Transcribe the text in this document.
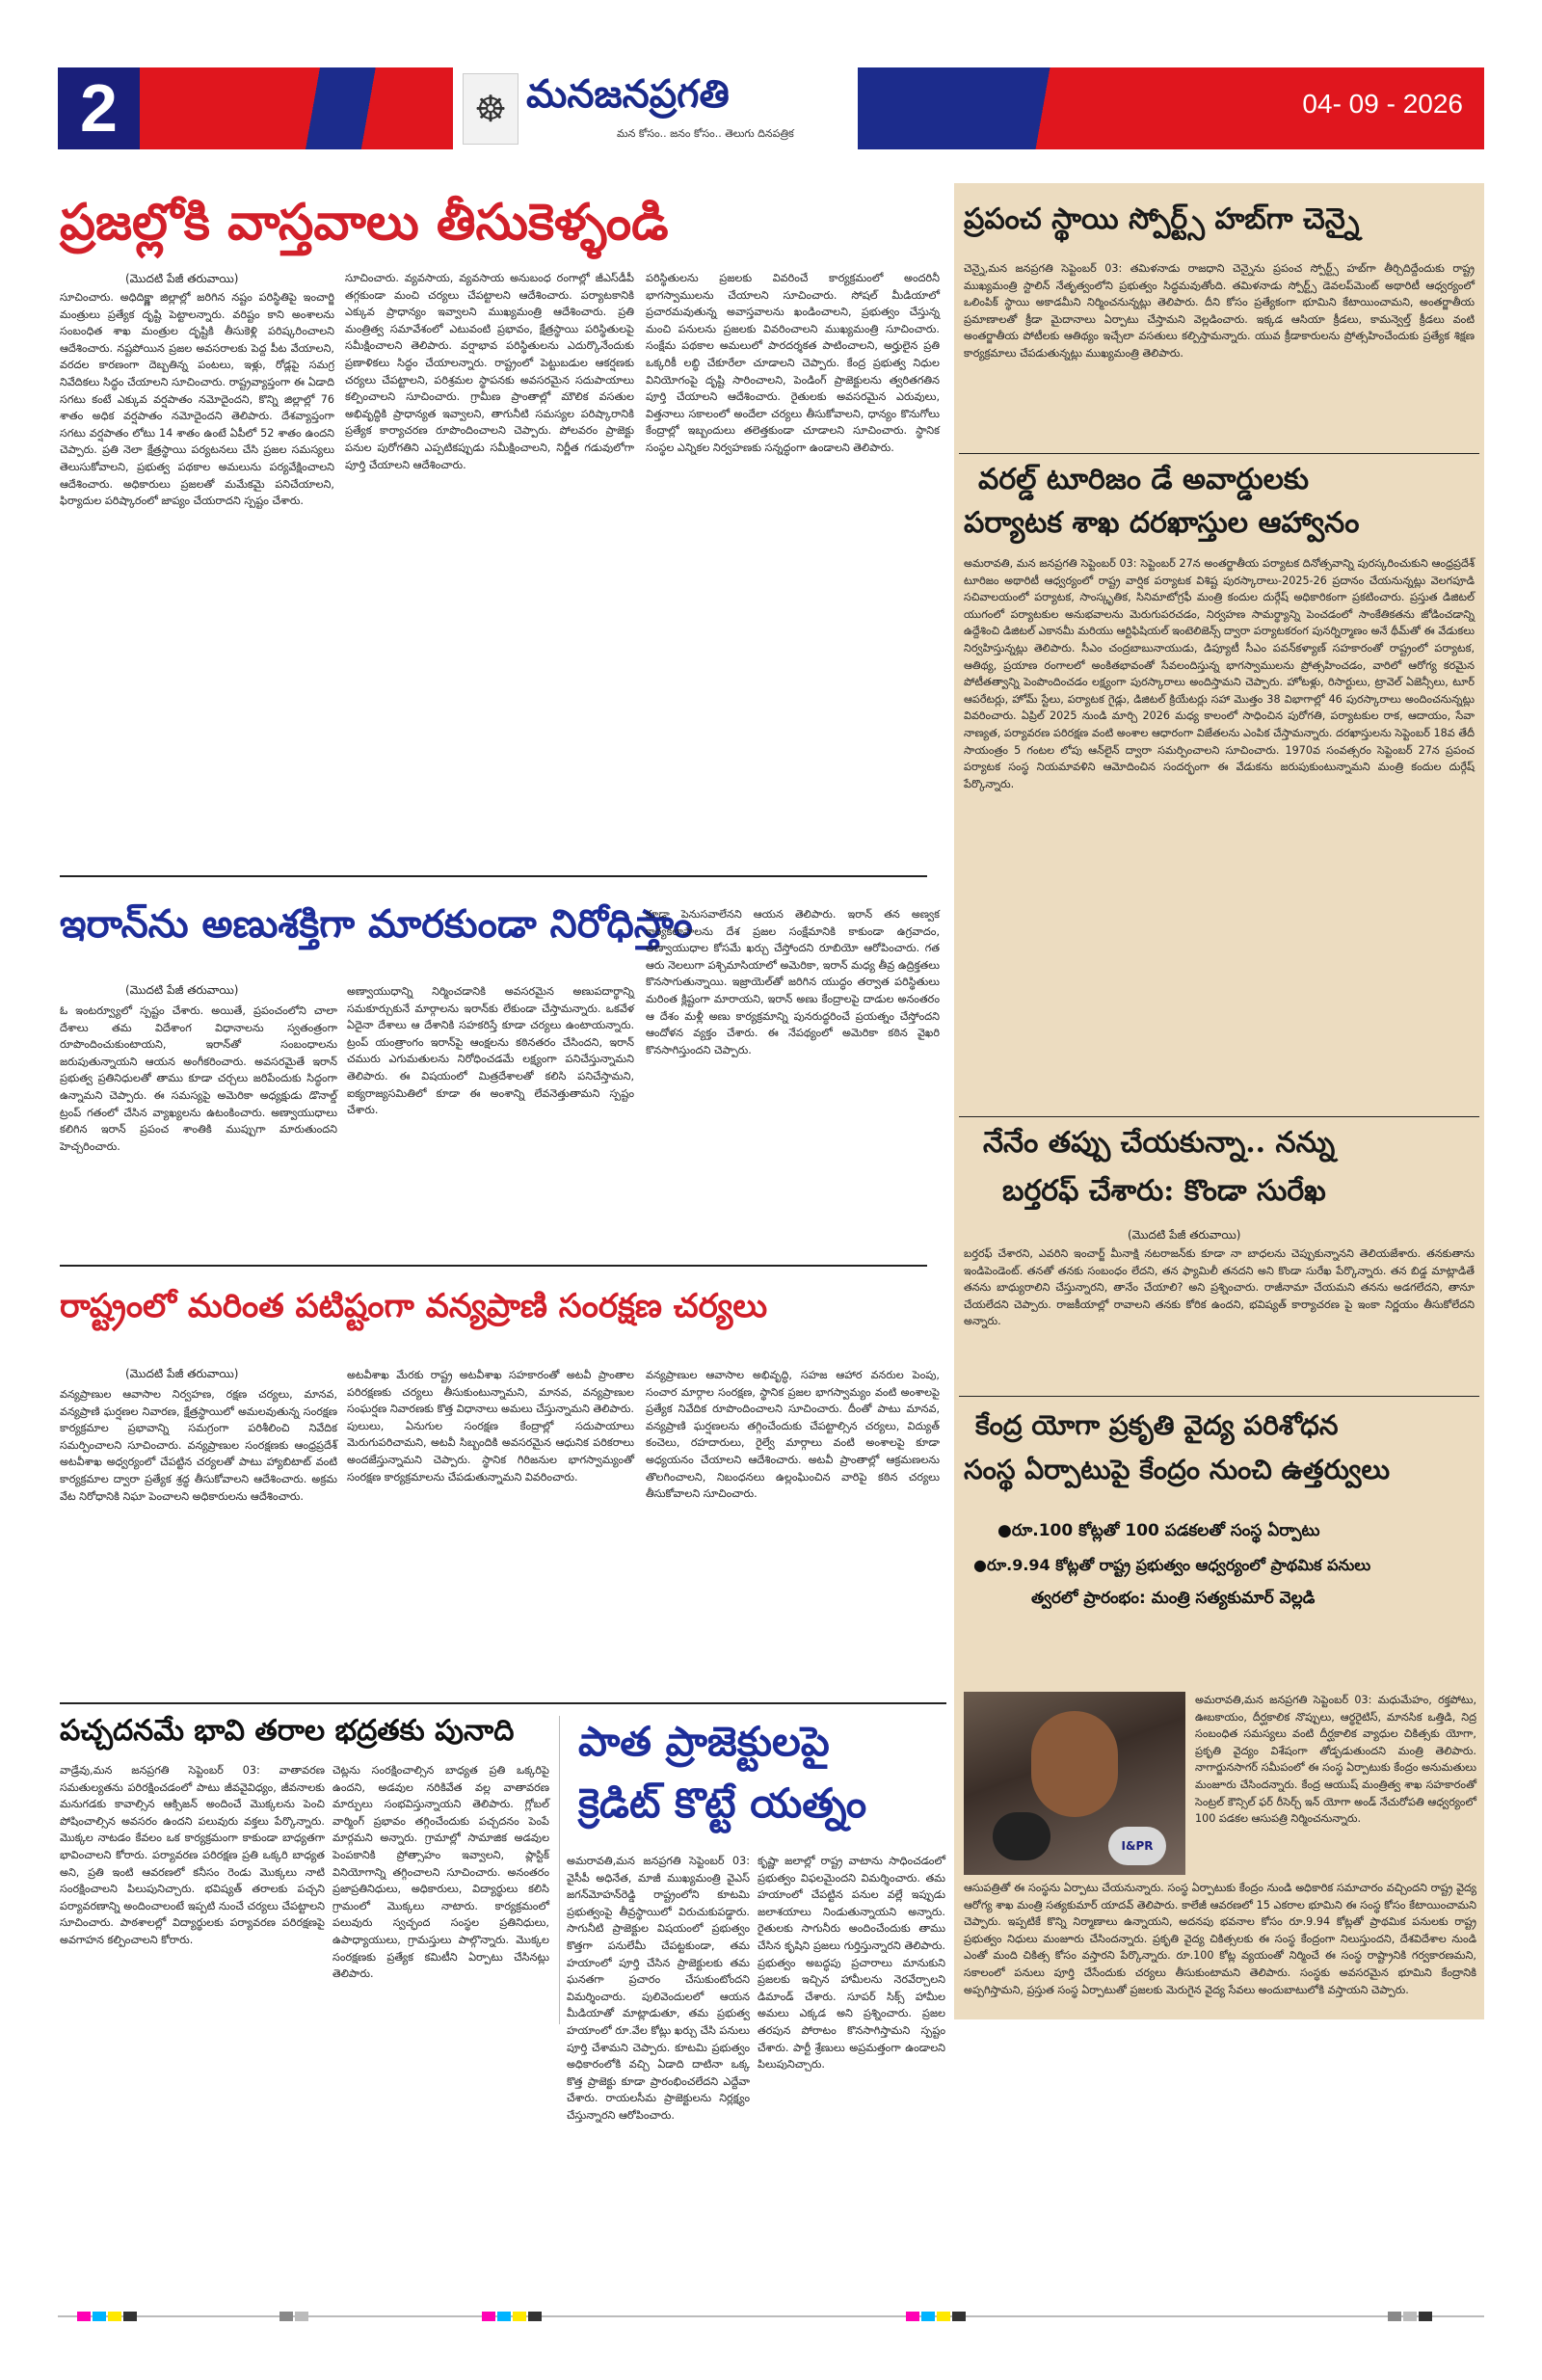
2	☸ మనజనప్రగతి
మన కోసం.. జనం కోసం.. తెలుగు దినపత్రిక
04- 09 - 2026
ప్రజల్లోకి వాస్తవాలు తీసుకెళ్ళండి
(మొదటి పేజీ తరువాయి)
సూచించారు. అధిదిక్ష్ణా జిల్లాల్లో జరిగిన నష్టం పరిస్థితిపై ఇంచార్జి మంత్రులు ప్రత్యేక దృష్టి పెట్టాలన్నారు. వరిష్టం కాని అంశాలను సంబంధిత శాఖ మంత్రుల దృష్టికి తీసుకెళ్లి పరిష్కరించాలని ఆదేశించారు. నష్టపోయిన ప్రజల అవసరాలకు పెద్ద పీట వేయాలని, వరదల కారణంగా దెబ్బతిన్న పంటలు, ఇళ్లు, రోడ్లపై సమగ్ర నివేదికలు సిద్ధం చేయాలని సూచించారు. రాష్ట్రవ్యాప్తంగా ఈ ఏడాది సగటు కంటే ఎక్కువ వర్షపాతం నమోదైందని, కొన్ని జిల్లాల్లో 76 శాతం అధిక వర్షపాతం నమోదైందని తెలిపారు. దేశవ్యాప్తంగా సగటు వర్షపాతం లోటు 14 శాతం ఉంటే ఏపీలో 52 శాతం ఉందని చెప్పారు. ప్రతి నెలా క్షేత్రస్థాయి పర్యటనలు చేసి ప్రజల సమస్యలు తెలుసుకోవాలని, ప్రభుత్వ పథకాల అమలును పర్యవేక్షించాలని ఆదేశించారు. అధికారులు ప్రజలతో మమేకమై పనిచేయాలని, ఫిర్యాదుల పరిష్కారంలో జాప్యం చేయరాదని స్పష్టం చేశారు.
సూచించారు. వ్యవసాయ, వ్యవసాయ అనుబంధ రంగాల్లో జీఎస్‌డీపీ తగ్గకుండా మంచి చర్యలు చేపట్టాలని ఆదేశించారు. పర్యాటకానికి ఎక్కువ ప్రాధాన్యం ఇవ్వాలని ముఖ్యమంత్రి ఆదేశించారు. ప్రతి మంత్రిత్వ సమావేశంలో ఎటువంటి ప్రభావం, క్షేత్రస్థాయి పరిస్థితులపై సమీక్షించాలని తెలిపారు. వర్షాభావ పరిస్థితులను ఎదుర్కొనేందుకు ప్రణాళికలు సిద్ధం చేయాలన్నారు. రాష్ట్రంలో పెట్టుబడుల ఆకర్షణకు చర్యలు చేపట్టాలని, పరిశ్రమల స్థాపనకు అవసరమైన సదుపాయాలు కల్పించాలని సూచించారు. గ్రామీణ ప్రాంతాల్లో మౌలిక వసతుల అభివృద్ధికి ప్రాధాన్యత ఇవ్వాలని, తాగునీటి సమస్యల పరిష్కారానికి ప్రత్యేక కార్యాచరణ రూపొందించాలని చెప్పారు. పోలవరం ప్రాజెక్టు పనుల పురోగతిని ఎప్పటికప్పుడు సమీక్షించాలని, నిర్ణీత గడువులోగా పూర్తి చేయాలని ఆదేశించారు.
పరిస్థితులను ప్రజలకు వివరించే కార్యక్రమంలో అందరినీ భాగస్వాములను చేయాలని సూచించారు. సోషల్ మీడియాలో ప్రచారమవుతున్న అవాస్తవాలను ఖండించాలని, ప్రభుత్వం చేస్తున్న మంచి పనులను ప్రజలకు వివరించాలని ముఖ్యమంత్రి సూచించారు. సంక్షేమ పథకాల అమలులో పారదర్శకత పాటించాలని, అర్హులైన ప్రతి ఒక్కరికీ లబ్ధి చేకూరేలా చూడాలని చెప్పారు. కేంద్ర ప్రభుత్వ నిధుల వినియోగంపై దృష్టి సారించాలని, పెండింగ్ ప్రాజెక్టులను త్వరితగతిన పూర్తి చేయాలని ఆదేశించారు. రైతులకు అవసరమైన ఎరువులు, విత్తనాలు సకాలంలో అందేలా చర్యలు తీసుకోవాలని, ధాన్యం కొనుగోలు కేంద్రాల్లో ఇబ్బందులు తలెత్తకుండా చూడాలని సూచించారు. స్థానిక సంస్థల ఎన్నికల నిర్వహణకు సన్నద్ధంగా ఉండాలని తెలిపారు.
ఇరాన్‌ను అణుశక్తిగా మారకుండా నిరోధిస్తాం
(మొదటి పేజీ తరువాయి)
ఓ ఇంటర్వ్యూలో స్పష్టం చేశారు. అయితే, ప్రపంచంలోని చాలా దేశాలు తమ విదేశాంగ విధానాలను స్వతంత్రంగా రూపొందించుకుంటాయని, ఇరాన్‌తో సంబంధాలను జరుపుతున్నాయని ఆయన అంగీకరించారు. అవసరమైతే ఇరాన్ ప్రభుత్వ ప్రతినిధులతో తాము కూడా చర్చలు జరిపేందుకు సిద్ధంగా ఉన్నామని చెప్పారు. ఈ సమస్యపై అమెరికా అధ్యక్షుడు డొనాల్డ్ ట్రంప్ గతంలో చేసిన వ్యాఖ్యలను ఉటంకించారు. అణ్వాయుధాలు కలిగిన ఇరాన్ ప్రపంచ శాంతికి ముప్పుగా మారుతుందని హెచ్చరించారు.
అణ్వాయుధాన్ని నిర్మించడానికి అవసరమైన అణుపదార్థాన్ని సమకూర్చుకునే మార్గాలను ఇరాన్‌కు లేకుండా చేస్తామన్నారు. ఒకవేళ ఏదైనా దేశాలు ఆ దేశానికి సహకరిస్తే కూడా చర్యలు ఉంటాయన్నారు. ట్రంప్ యంత్రాంగం ఇరాన్‌పై ఆంక్షలను కఠినతరం చేసిందని, ఇరాన్ చమురు ఎగుమతులను నిరోధించడమే లక్ష్యంగా పనిచేస్తున్నామని తెలిపారు. ఈ విషయంలో మిత్రదేశాలతో కలిసి పనిచేస్తామని, ఐక్యరాజ్యసమితిలో కూడా ఈ అంశాన్ని లేవనెత్తుతామని స్పష్టం చేశారు.
కూడా పెనుసవాలేనని ఆయన తెలిపారు. ఇరాన్ తన అణ్వక కార్యకలాపాలను దేశ ప్రజల సంక్షేమానికి కాకుండా ఉగ్రవాదం, అణ్వాయుధాల కోసమే ఖర్చు చేస్తోందని రూబియో ఆరోపించారు. గత ఆరు నెలలుగా పశ్చిమాసియాలో అమెరికా, ఇరాన్ మధ్య తీవ్ర ఉద్రిక్తతలు కొనసాగుతున్నాయి. ఇజ్రాయెల్‌తో జరిగిన యుద్ధం తర్వాత పరిస్థితులు మరింత క్లిష్టంగా మారాయని, ఇరాన్ అణు కేంద్రాలపై దాడుల అనంతరం ఆ దేశం మళ్లీ అణు కార్యక్రమాన్ని పునరుద్ధరించే ప్రయత్నం చేస్తోందని ఆందోళన వ్యక్తం చేశారు. ఈ నేపథ్యంలో అమెరికా కఠిన వైఖరి కొనసాగిస్తుందని చెప్పారు.
రాష్ట్రంలో మరింత పటిష్టంగా వన్యప్రాణి సంరక్షణ చర్యలు
(మొదటి పేజీ తరువాయి)
వన్యప్రాణుల ఆవాసాల నిర్వహణ, రక్షణ చర్యలు, మానవ, వన్యప్రాణి ఘర్షణల నివారణ, క్షేత్రస్థాయిలో అమలవుతున్న సంరక్షణ కార్యక్రమాల ప్రభావాన్ని సమగ్రంగా పరిశీలించి నివేదిక సమర్పించాలని సూచించారు. వన్యప్రాణుల సంరక్షణకు ఆంధ్రప్రదేశ్ అటవీశాఖ అధ్వర్యంలో చేపట్టిన చర్యలతో పాటు హ్యాబిటాట్ వంటి కార్యక్రమాల ద్వారా ప్రత్యేక శ్రద్ధ తీసుకోవాలని ఆదేశించారు. అక్రమ వేట నిరోధానికి నిఘా పెంచాలని అధికారులను ఆదేశించారు.
అటవీశాఖ మేరకు రాష్ట్ర అటవీశాఖ సహకారంతో అటవీ ప్రాంతాల పరిరక్షణకు చర్యలు తీసుకుంటున్నామని, మానవ, వన్యప్రాణుల సంఘర్షణ నివారణకు కొత్త విధానాలు అమలు చేస్తున్నామని తెలిపారు. పులులు, ఏనుగుల సంరక్షణ కేంద్రాల్లో సదుపాయాలు మెరుగుపరిచామని, అటవీ సిబ్బందికి అవసరమైన ఆధునిక పరికరాలు అందజేస్తున్నామని చెప్పారు. స్థానిక గిరిజనుల భాగస్వామ్యంతో సంరక్షణ కార్యక్రమాలను చేపడుతున్నామని వివరించారు.
వన్యప్రాణుల ఆవాసాల అభివృద్ధి, సహజ ఆహార వనరుల పెంపు, సంచార మార్గాల సంరక్షణ, స్థానిక ప్రజల భాగస్వామ్యం వంటి అంశాలపై ప్రత్యేక నివేదిక రూపొందించాలని సూచించారు. దీంతో పాటు మానవ, వన్యప్రాణి ఘర్షణలను తగ్గించేందుకు చేపట్టాల్సిన చర్యలు, విద్యుత్ కంచెలు, రహదారులు, రైల్వే మార్గాలు వంటి అంశాలపై కూడా అధ్యయనం చేయాలని ఆదేశించారు. అటవీ ప్రాంతాల్లో ఆక్రమణలను తొలగించాలని, నిబంధనలు ఉల్లంఘించిన వారిపై కఠిన చర్యలు తీసుకోవాలని సూచించారు.
పచ్చదనమే భావి తరాల భద్రతకు పునాది
వాడ్రేవు,మన జనప్రగతి సెప్టెంబర్ 03: వాతావరణ సమతుల్యతను పరిరక్షించడంలో పాటు జీవవైవిధ్యం, జీవనాలకు మనుగడకు కావాల్సిన ఆక్సిజన్ అందించే మొక్కలను పెంచి పోషించాల్సిన అవసరం ఉందని పలువురు వక్తలు పేర్కొన్నారు. మొక్కల నాటడం కేవలం ఒక కార్యక్రమంగా కాకుండా బాధ్యతగా భావించాలని కోరారు. పర్యావరణ పరిరక్షణ ప్రతి ఒక్కరి బాధ్యత అని, ప్రతి ఇంటి ఆవరణలో కనీసం రెండు మొక్కలు నాటి సంరక్షించాలని పిలుపునిచ్చారు. భవిష్యత్ తరాలకు పచ్చని పర్యావరణాన్ని అందించాలంటే ఇప్పటి నుంచే చర్యలు చేపట్టాలని సూచించారు. పాఠశాలల్లో విద్యార్థులకు పర్యావరణ పరిరక్షణపై అవగాహన కల్పించాలని కోరారు.
చెట్లను సంరక్షించాల్సిన బాధ్యత ప్రతి ఒక్కరిపై ఉందని, అడవుల నరికివేత వల్ల వాతావరణ మార్పులు సంభవిస్తున్నాయని తెలిపారు. గ్లోబల్ వార్మింగ్ ప్రభావం తగ్గించేందుకు పచ్చదనం పెంపే మార్గమని అన్నారు. గ్రామాల్లో సామాజిక అడవుల పెంపకానికి ప్రోత్సాహం ఇవ్వాలని, ప్లాస్టిక్ వినియోగాన్ని తగ్గించాలని సూచించారు. అనంతరం ప్రజాప్రతినిధులు, అధికారులు, విద్యార్థులు కలిసి గ్రామంలో మొక్కలు నాటారు. కార్యక్రమంలో పలువురు స్వచ్ఛంద సంస్థల ప్రతినిధులు, ఉపాధ్యాయులు, గ్రామస్తులు పాల్గొన్నారు. మొక్కల సంరక్షణకు ప్రత్యేక కమిటీని ఏర్పాటు చేసినట్లు తెలిపారు.
పాత ప్రాజెక్టులపై
క్రెడిట్ కొట్టే యత్నం
అమరావతి,మన జనప్రగతి సెప్టెంబర్ 03: వైసీపీ అధినేత, మాజీ ముఖ్యమంత్రి వైఎస్ జగన్‌మోహన్‌రెడ్డి రాష్ట్రంలోని కూటమి ప్రభుత్వంపై తీవ్రస్థాయిలో విరుచుకుపడ్డారు. సాగునీటి ప్రాజెక్టుల విషయంలో ప్రభుత్వం కొత్తగా పనులేమీ చేపట్టకుండా, తమ హయాంలో పూర్తి చేసిన ప్రాజెక్టులకు తమ ఘనతగా ప్రచారం చేసుకుంటోందని విమర్శించారు. పులివెందులలో ఆయన మీడియాతో మాట్లాడుతూ, తమ ప్రభుత్వ హయాంలో రూ.వేల కోట్లు ఖర్చు చేసి పనులు పూర్తి చేశామని చెప్పారు. కూటమి ప్రభుత్వం అధికారంలోకి వచ్చి ఏడాది దాటినా ఒక్క కొత్త ప్రాజెక్టు కూడా ప్రారంభించలేదని ఎద్దేవా చేశారు. రాయలసీమ ప్రాజెక్టులను నిర్లక్ష్యం చేస్తున్నారని ఆరోపించారు.
కృష్ణా జలాల్లో రాష్ట్ర వాటాను సాధించడంలో ప్రభుత్వం విఫలమైందని విమర్శించారు. తమ హయాంలో చేపట్టిన పనుల వల్లే ఇప్పుడు జలాశయాలు నిండుతున్నాయని అన్నారు. రైతులకు సాగునీరు అందించేందుకు తాము చేసిన కృషిని ప్రజలు గుర్తిస్తున్నారని తెలిపారు. ప్రభుత్వం అబద్ధపు ప్రచారాలు మానుకుని ప్రజలకు ఇచ్చిన హామీలను నెరవేర్చాలని డిమాండ్ చేశారు. సూపర్ సిక్స్ హామీల అమలు ఎక్కడ అని ప్రశ్నించారు. ప్రజల తరపున పోరాటం కొనసాగిస్తామని స్పష్టం చేశారు. పార్టీ శ్రేణులు అప్రమత్తంగా ఉండాలని పిలుపునిచ్చారు.
ప్రపంచ స్థాయి స్పోర్ట్స్ హబ్‌గా చెన్నై
చెన్నై,మన జనప్రగతి సెప్టెంబర్ 03: తమిళనాడు రాజధాని చెన్నైను ప్రపంచ స్పోర్ట్స్ హబ్‌గా తీర్చిదిద్దేందుకు రాష్ట్ర ముఖ్యమంత్రి స్టాలిన్ నేతృత్వంలోని ప్రభుత్వం సిద్ధమవుతోంది. తమిళనాడు స్పోర్ట్స్ డెవలప్‌మెంట్ అథారిటీ ఆధ్వర్యంలో ఒలింపిక్ స్థాయి అకాడమీని నిర్మించనున్నట్లు తెలిపారు. దీని కోసం ప్రత్యేకంగా భూమిని కేటాయించామని, అంతర్జాతీయ ప్రమాణాలతో క్రీడా మైదానాలు ఏర్పాటు చేస్తామని వెల్లడించారు. ఇక్కడ ఆసియా క్రీడలు, కామన్వెల్త్ క్రీడలు వంటి అంతర్జాతీయ పోటీలకు ఆతిథ్యం ఇచ్చేలా వసతులు కల్పిస్తామన్నారు. యువ క్రీడాకారులను ప్రోత్సహించేందుకు ప్రత్యేక శిక్షణ కార్యక్రమాలు చేపడుతున్నట్లు ముఖ్యమంత్రి తెలిపారు.
వరల్డ్ టూరిజం డే అవార్డులకు
పర్యాటక శాఖ దరఖాస్తుల ఆహ్వానం
అమరావతి, మన జనప్రగతి సెప్టెంబర్ 03: సెప్టెంబర్ 27న అంతర్జాతీయ పర్యాటక దినోత్సవాన్ని పురస్కరించుకుని ఆంధ్రప్రదేశ్ టూరిజం అథారిటీ ఆధ్వర్యంలో రాష్ట్ర వార్షిక పర్యాటక విశిష్ట పురస్కారాలు-2025-26 ప్రదానం చేయనున్నట్లు వెలగపూడి సచివాలయంలో పర్యాటక, సాంస్కృతిక, సినిమాటోగ్రఫీ మంత్రి కందుల దుర్గేష్ అధికారికంగా ప్రకటించారు. ప్రస్తుత డిజిటల్ యుగంలో పర్యాటకుల అనుభవాలను మెరుగుపరచడం, నిర్వహణ సామర్థ్యాన్ని పెంచడంలో సాంకేతికతను జోడించడాన్ని ఉద్దేశించి డిజిటల్ ఎకానమీ మరియు ఆర్టిఫిషియల్ ఇంటెలిజెన్స్ ద్వారా పర్యాటకరంగ పునర్నిర్మాణం అనే థీమ్‌తో ఈ వేడుకలు నిర్వహిస్తున్నట్లు తెలిపారు. సీఎం చంద్రబాబునాయుడు, డిప్యూటీ సీఎం పవన్‌కళ్యాణ్ సహకారంతో రాష్ట్రంలో పర్యాటక, ఆతిథ్య, ప్రయాణ రంగాలలో అంకితభావంతో సేవలందిస్తున్న భాగస్వాములను ప్రోత్సహించడం, వారిలో ఆరోగ్య కరమైన పోటీతత్వాన్ని పెంపొందించడం లక్ష్యంగా పురస్కారాలు అందిస్తామని చెప్పారు. హోటళ్లు, రిసార్టులు, ట్రావెల్ ఏజెన్సీలు, టూర్ ఆపరేటర్లు, హోమ్ స్టేలు, పర్యాటక గైడ్లు, డిజిటల్ క్రియేటర్లు సహా మొత్తం 38 విభాగాల్లో 46 పురస్కారాలు అందించనున్నట్లు వివరించారు. ఏప్రిల్ 2025 నుండి మార్చి 2026 మధ్య కాలంలో సాధించిన పురోగతి, పర్యాటకుల రాక, ఆదాయం, సేవా నాణ్యత, పర్యావరణ పరిరక్షణ వంటి అంశాల ఆధారంగా విజేతలను ఎంపిక చేస్తామన్నారు. దరఖాస్తులను సెప్టెంబర్ 18వ తేదీ సాయంత్రం 5 గంటల లోపు ఆన్‌లైన్ ద్వారా సమర్పించాలని సూచించారు. 1970వ సంవత్సరం సెప్టెంబర్ 27న ప్రపంచ పర్యాటక సంస్థ నియమావళిని ఆమోదించిన సందర్భంగా ఈ వేడుకను జరుపుకుంటున్నామని మంత్రి కందుల దుర్గేష్ పేర్కొన్నారు.
నేనేం తప్పు చేయకున్నా.. నన్ను
బర్తరఫ్ చేశారు: కొండా సురేఖ
(మొదటి పేజీ తరువాయి)
బర్తరఫ్ చేశారని, ఎవరిని ఇంచార్జ్ మీనాక్షి నటరాజన్‌కు కూడా నా బాధలను చెప్పుకున్నానని తెలియజేశారు. తనకుతాను ఇండిపెండెంట్. తనతో తనకు సంబంధం లేదని, తన ఫ్యామిలీ తనదని అని కొండా సురేఖ పేర్కొన్నారు. తన బిడ్డ మాట్లాడితే తనను బాధ్యురాలిని చేస్తున్నారని, తానేం చేయాలి? అని ప్రశ్నించారు. రాజీనామా చేయమని తనను అడగలేదని, తానూ చేయలేదని చెప్పారు. రాజకీయాల్లో రావాలని తనకు కోరిక ఉందని, భవిష్యత్ కార్యాచరణ పై ఇంకా నిర్ణయం తీసుకోలేదని అన్నారు.
కేంద్ర యోగా ప్రకృతి వైద్య పరిశోధన
సంస్థ ఏర్పాటుపై కేంద్రం నుంచి ఉత్తర్వులు
●రూ.100 కోట్లతో 100 పడకలతో సంస్థ ఏర్పాటు
●రూ.9.94 కోట్లతో రాష్ట్ర ప్రభుత్వం ఆధ్వర్యంలో ప్రాథమిక పనులు
త్వరలో ప్రారంభం: మంత్రి సత్యకుమార్ వెల్లడి
I&PR
అమరావతి,మన జనప్రగతి సెప్టెంబర్ 03: మధుమేహం, రక్తపోటు, ఊబకాయం, దీర్ఘకాలిక నొప్పులు, ఆర్థరైటిస్, మానసిక ఒత్తిడి, నిద్ర సంబంధిత సమస్యలు వంటి దీర్ఘకాలిక వ్యాధుల చికిత్సకు యోగా, ప్రకృతి వైద్యం విశేషంగా తోడ్పడుతుందని మంత్రి తెలిపారు. నాగార్జునసాగర్ సమీపంలో ఈ సంస్థ ఏర్పాటుకు కేంద్రం అనుమతులు మంజూరు చేసిందన్నారు. కేంద్ర ఆయుష్ మంత్రిత్వ శాఖ సహకారంతో సెంట్రల్ కౌన్సిల్ ఫర్ రీసెర్చ్ ఇన్ యోగా అండ్ నేచురోపతి ఆధ్వర్యంలో 100 పడకల ఆసుపత్రి నిర్మించనున్నారు.
ఆసుపత్రితో ఈ సంస్థను ఏర్పాటు చేయనున్నారు. సంస్థ ఏర్పాటుకు కేంద్రం నుండి అధికారిక సమాచారం వచ్చిందని రాష్ట్ర వైద్య ఆరోగ్య శాఖ మంత్రి సత్యకుమార్ యాదవ్ తెలిపారు. కాలేజీ ఆవరణలో 15 ఎకరాల భూమిని ఈ సంస్థ కోసం కేటాయించామని చెప్పారు. ఇప్పటికే కొన్ని నిర్మాణాలు ఉన్నాయని, అదనపు భవనాల కోసం రూ.9.94 కోట్లతో ప్రాథమిక పనులకు రాష్ట్ర ప్రభుత్వం నిధులు మంజూరు చేసిందన్నారు. ప్రకృతి వైద్య చికిత్సలకు ఈ సంస్థ కేంద్రంగా నిలుస్తుందని, దేశవిదేశాల నుండి ఎంతో మంది చికిత్స కోసం వస్తారని పేర్కొన్నారు. రూ.100 కోట్ల వ్యయంతో నిర్మించే ఈ సంస్థ రాష్ట్రానికి గర్వకారణమని, సకాలంలో పనులు పూర్తి చేసేందుకు చర్యలు తీసుకుంటామని తెలిపారు. సంస్థకు అవసరమైన భూమిని కేంద్రానికి అప్పగిస్తామని, ప్రస్తుత సంస్థ ఏర్పాటుతో ప్రజలకు మెరుగైన వైద్య సేవలు అందుబాటులోకి వస్తాయని చెప్పారు.
